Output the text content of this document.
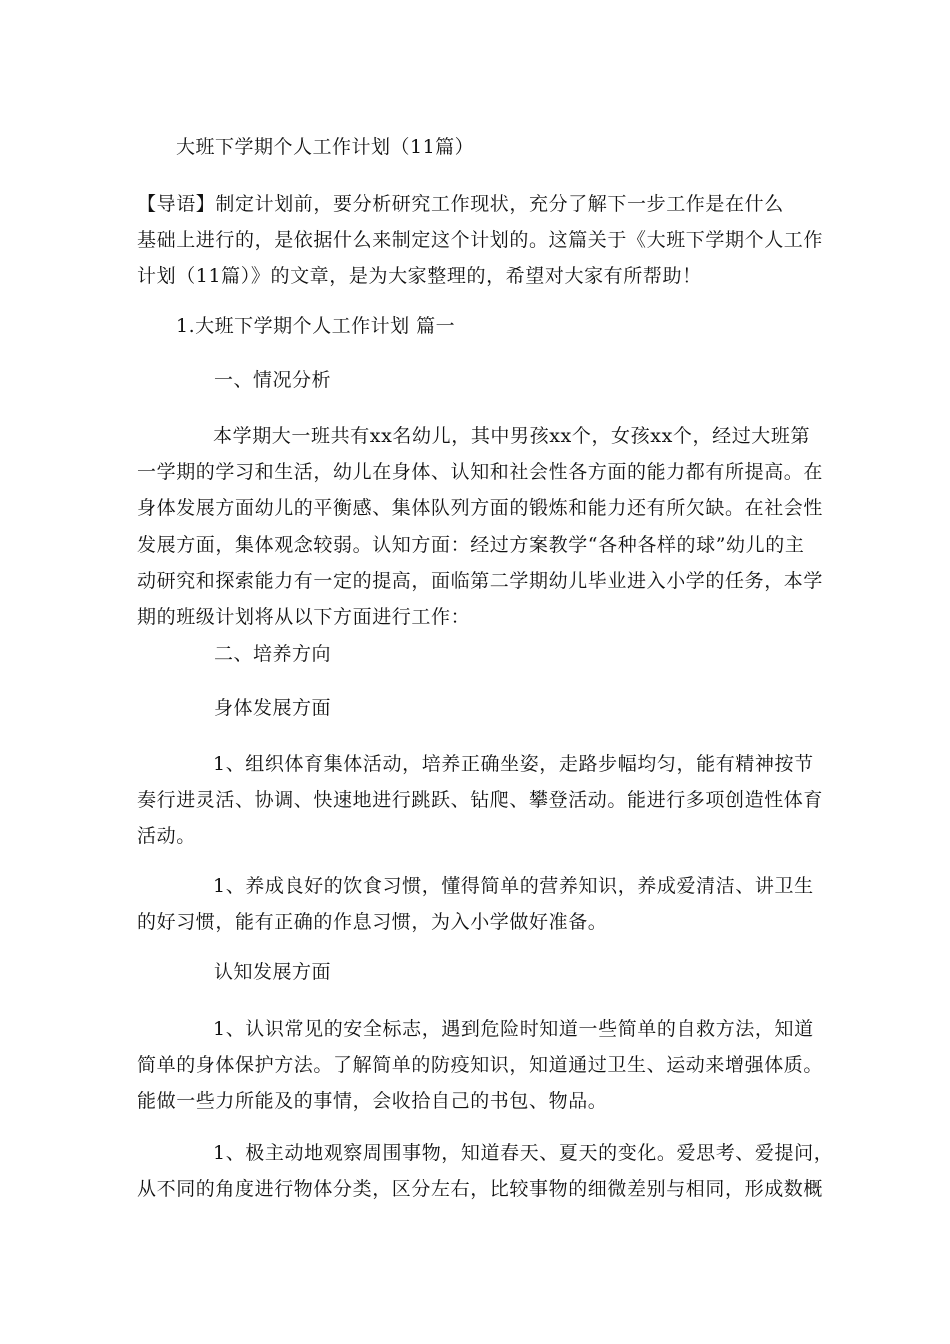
大班下学期个人工作计划（11篇）
【导语】制定计划前，要分析研究工作现状，充分了解下一步工作是在什么
基础上进行的，是依据什么来制定这个计划的。这篇关于《大班下学期个人工作
计划（11篇）》的文章，是为大家整理的，希望对大家有所帮助！
1.大班下学期个人工作计划 篇一
一、情况分析
本学期大一班共有xx名幼儿，其中男孩xx个，女孩xx个，经过大班第
一学期的学习和生活，幼儿在身体、认知和社会性各方面的能力都有所提高。在
身体发展方面幼儿的平衡感、集体队列方面的锻炼和能力还有所欠缺。在社会性
发展方面，集体观念较弱。认知方面：经过方案教学“各种各样的球”幼儿的主
动研究和探索能力有一定的提高，面临第二学期幼儿毕业进入小学的任务，本学
期的班级计划将从以下方面进行工作：
二、培养方向
身体发展方面
1、组织体育集体活动，培养正确坐姿，走路步幅均匀，能有精神按节
奏行进灵活、协调、快速地进行跳跃、钻爬、攀登活动。能进行多项创造性体育
活动。
1、养成良好的饮食习惯，懂得简单的营养知识，养成爱清洁、讲卫生
的好习惯，能有正确的作息习惯，为入小学做好准备。
认知发展方面
1、认识常见的安全标志，遇到危险时知道一些简单的自救方法，知道
简单的身体保护方法。了解简单的防疫知识，知道通过卫生、运动来增强体质。
能做一些力所能及的事情，会收拾自己的书包、物品。
1、极主动地观察周围事物，知道春天、夏天的变化。爱思考、爱提问，
从不同的角度进行物体分类，区分左右，比较事物的细微差别与相同，形成数概
